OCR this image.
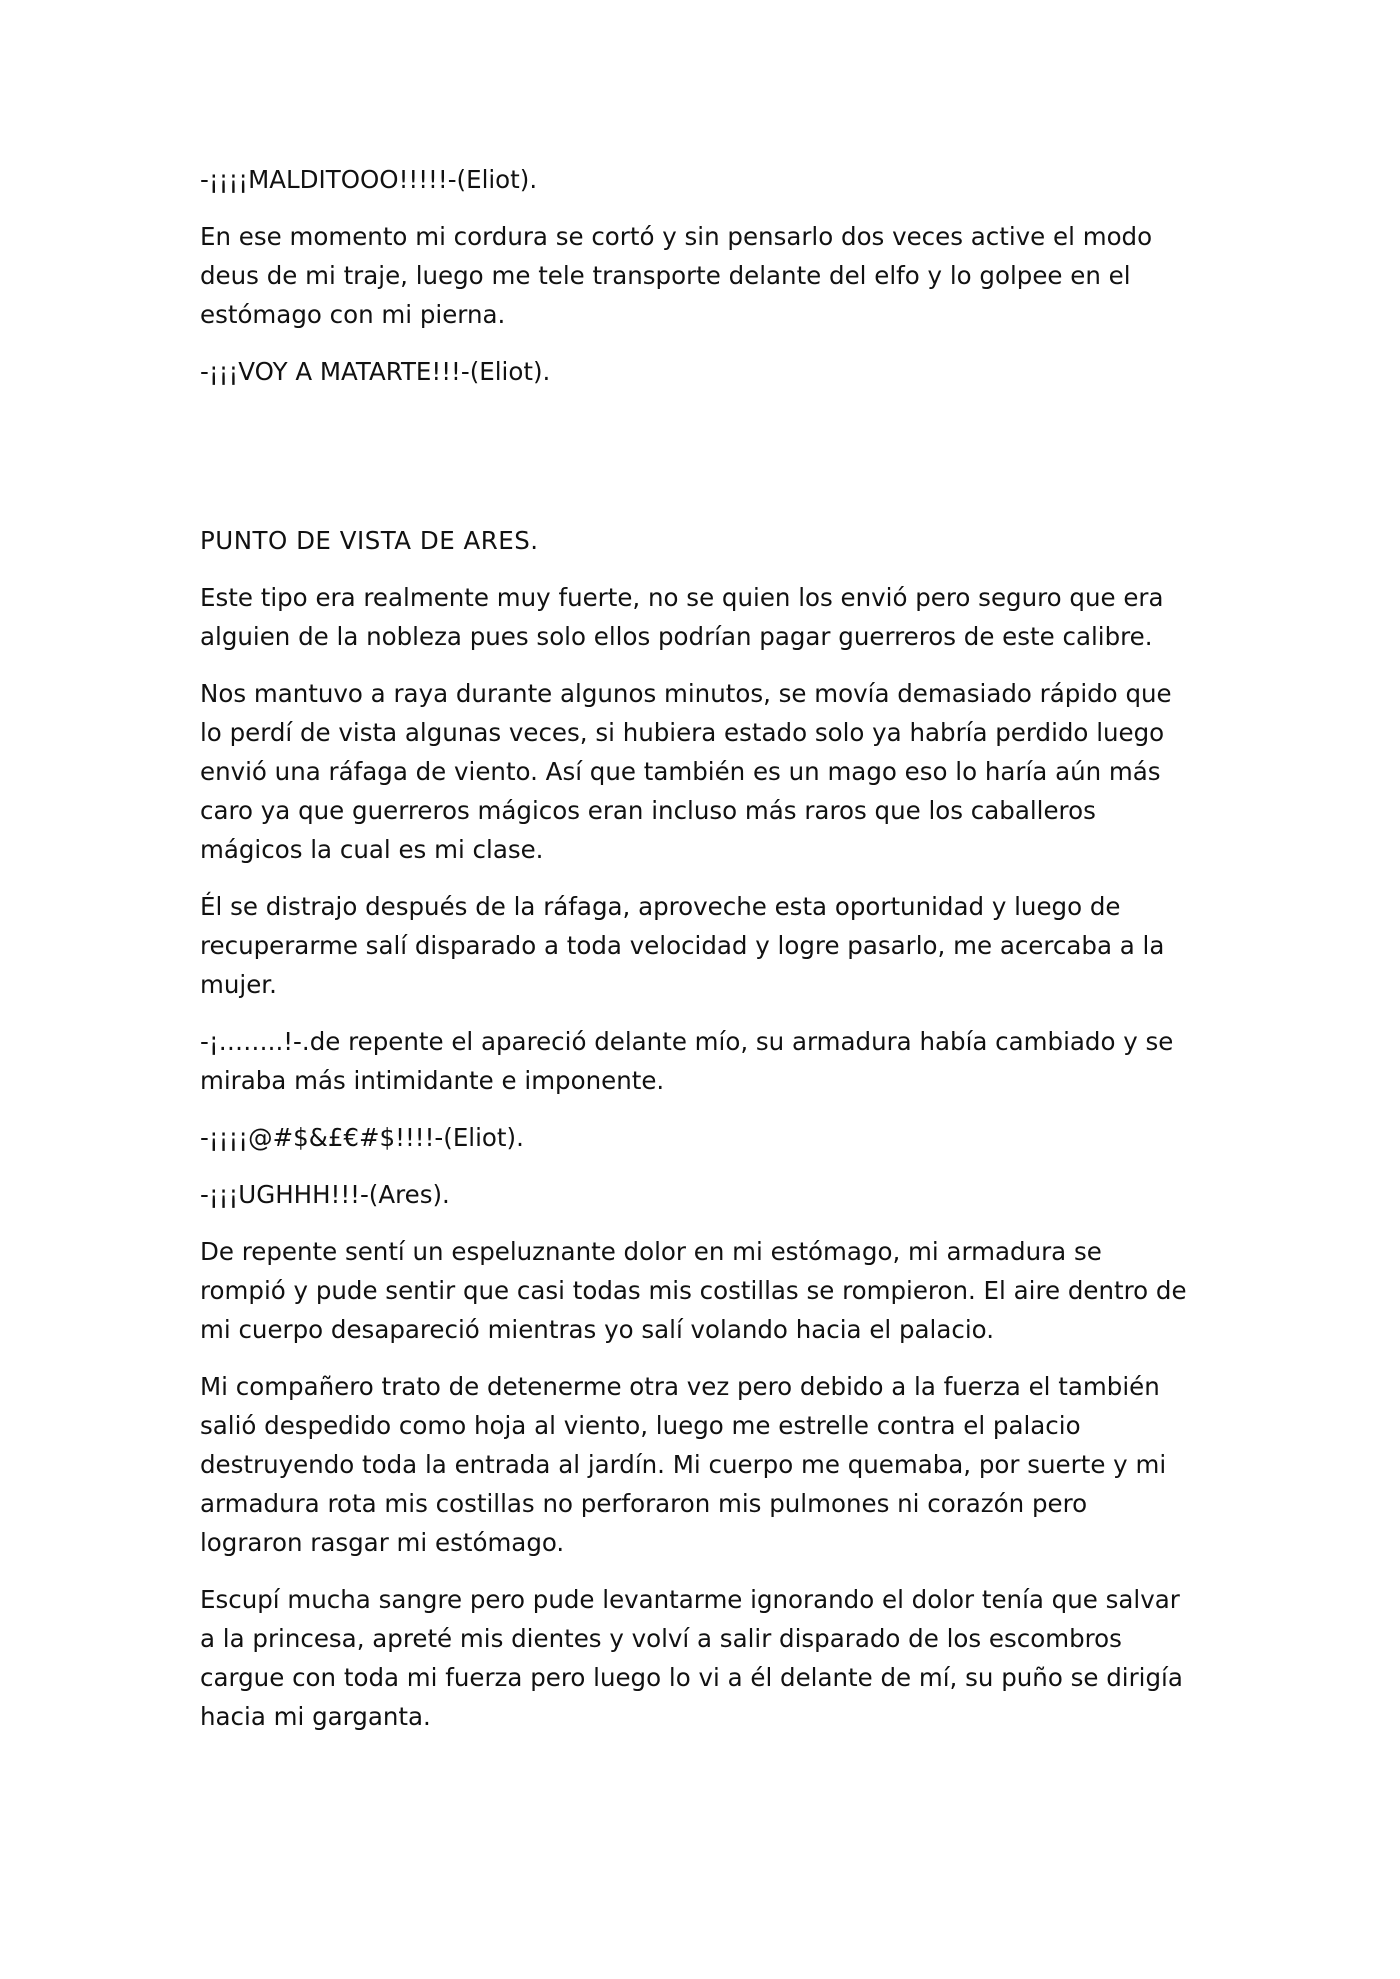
-¡¡¡¡MALDITOOO!!!!!-(Eliot).

En ese momento mi cordura se cortó y sin pensarlo dos veces active el modo deus de mi traje, luego me tele transporte delante del elfo y lo golpee en el estómago con mi pierna.

-¡¡¡VOY A MATARTE!!!-(Eliot).

PUNTO DE VISTA DE ARES.

Este tipo era realmente muy fuerte, no se quien los envió pero seguro que era alguien de la nobleza pues solo ellos podrían pagar guerreros de este calibre.

Nos mantuvo a raya durante algunos minutos, se movía demasiado rápido que lo perdí de vista algunas veces, si hubiera estado solo ya habría perdido luego envió una ráfaga de viento. Así que también es un mago eso lo haría aún más caro ya que guerreros mágicos eran incluso más raros que los caballeros mágicos la cual es mi clase.

Él se distrajo después de la ráfaga, aproveche esta oportunidad y luego de recuperarme salí disparado a toda velocidad y logre pasarlo, me acercaba a la mujer.

-¡……..!-.de repente el apareció delante mío, su armadura había cambiado y se miraba más intimidante e imponente.

-¡¡¡¡@#$&£€#$!!!!-(Eliot).

-¡¡¡UGHHH!!!-(Ares).

De repente sentí un espeluznante dolor en mi estómago, mi armadura se rompió y pude sentir que casi todas mis costillas se rompieron. El aire dentro de mi cuerpo desapareció mientras yo salí volando hacia el palacio.

Mi compañero trato de detenerme otra vez pero debido a la fuerza el también salió despedido como hoja al viento, luego me estrelle contra el palacio destruyendo toda la entrada al jardín. Mi cuerpo me quemaba, por suerte y mi armadura rota mis costillas no perforaron mis pulmones ni corazón pero lograron rasgar mi estómago.

Escupí mucha sangre pero pude levantarme ignorando el dolor tenía que salvar a la princesa, apreté mis dientes y volví a salir disparado de los escombros cargue con toda mi fuerza pero luego lo vi a él delante de mí, su puño se dirigía hacia mi garganta.
